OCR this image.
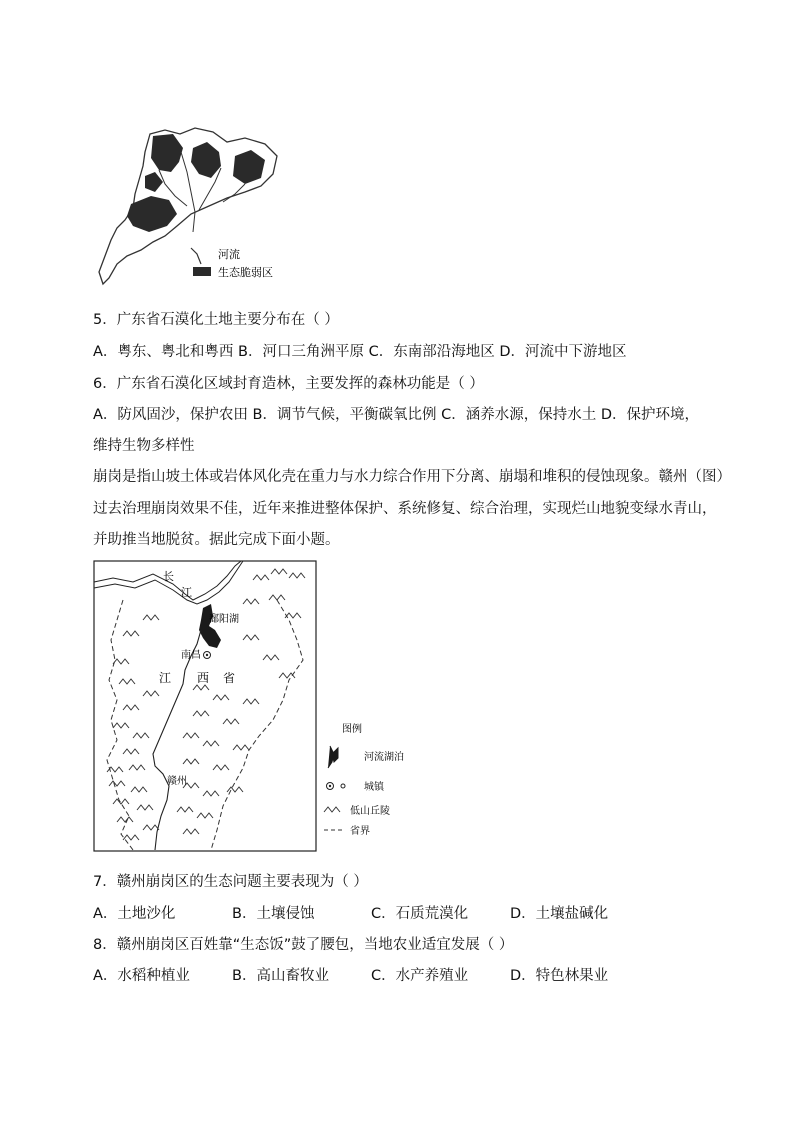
河流
生态脆弱区
5．广东省石漠化土地主要分布在（ ）
A．粤东、粤北和粤西 B．河口三角洲平原 C．东南部沿海地区 D．河流中下游地区
6．广东省石漠化区域封育造林，主要发挥的森林功能是（ ）
A．防风固沙，保护农田 B．调节气候，平衡碳氧比例 C．涵养水源，保持水土 D．保护环境，
维持生物多样性
崩岗是指山坡土体或岩体风化壳在重力与水力综合作用下分离、崩塌和堆积的侵蚀现象。赣州（图）
过去治理崩岗效果不佳，近年来推进整体保护、系统修复、综合治理，实现烂山地貌变绿水青山，
并助推当地脱贫。据此完成下面小题。
长
江
鄱阳湖
南昌
江 西 省
赣州
图例
河流湖泊
城镇
低山丘陵
省界
7．赣州崩岗区的生态问题主要表现为（ ）
A．土地沙化	B．土壤侵蚀	C．石质荒漠化	D．土壤盐碱化
8．赣州崩岗区百姓靠“生态饭”鼓了腰包，当地农业适宜发展（ ）
A．水稻种植业	B．高山畜牧业	C．水产养殖业	D．特色林果业
